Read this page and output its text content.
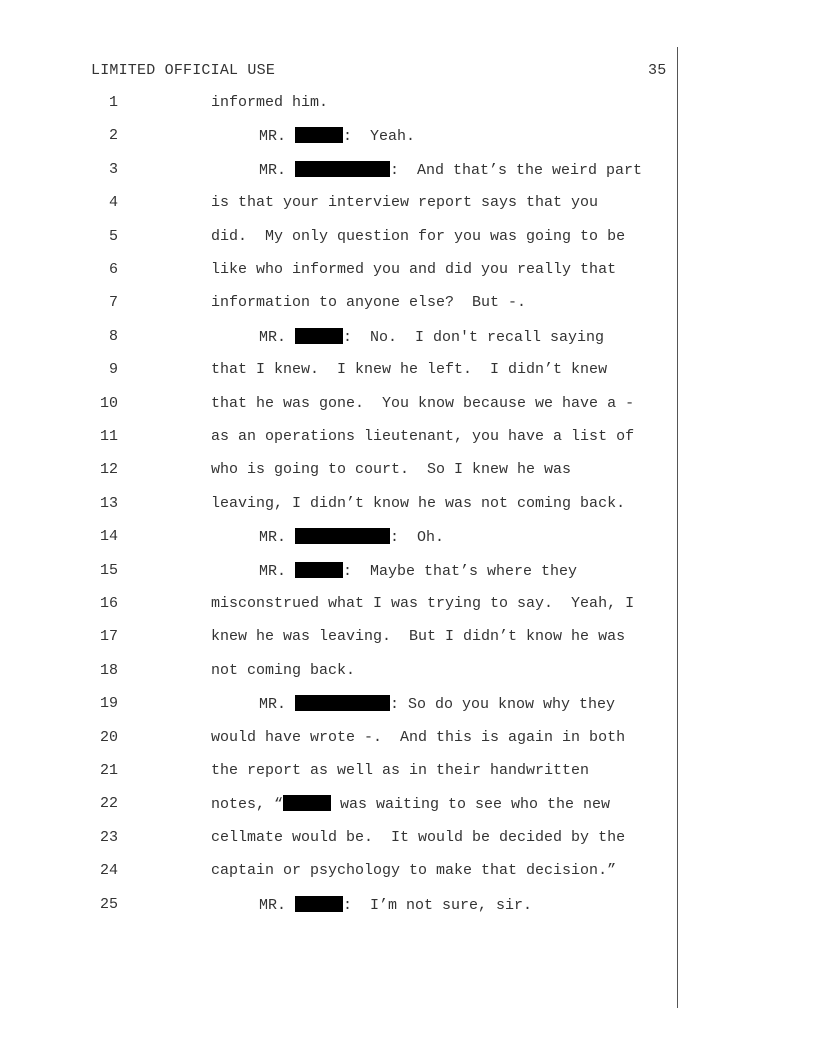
LIMITED OFFICIAL USE	35
1	informed him.
2	MR.	:  Yeah.
3	MR.	:  And that’s the weird part
4	is that your interview report says that you
5	did.  My only question for you was going to be
6	like who informed you and did you really that
7	information to anyone else?  But -.
8	MR.	:  No.  I don't recall saying
9	that I knew.  I knew he left.  I didn’t knew
10	that he was gone.  You know because we have a -
11	as an operations lieutenant, you have a list of
12	who is going to court.  So I knew he was
13	leaving, I didn’t know he was not coming back.
14	MR.	:  Oh.
15	MR.	:  Maybe that’s where they
16	misconstrued what I was trying to say.  Yeah, I
17	knew he was leaving.  But I didn’t know he was
18	not coming back.
19	MR.	: So do you know why they
20	would have wrote -.  And this is again in both
21	the report as well as in their handwritten
22	notes, “	was waiting to see who the new
23	cellmate would be.  It would be decided by the
24	captain or psychology to make that decision.”
25	MR.	:  I’m not sure, sir.
